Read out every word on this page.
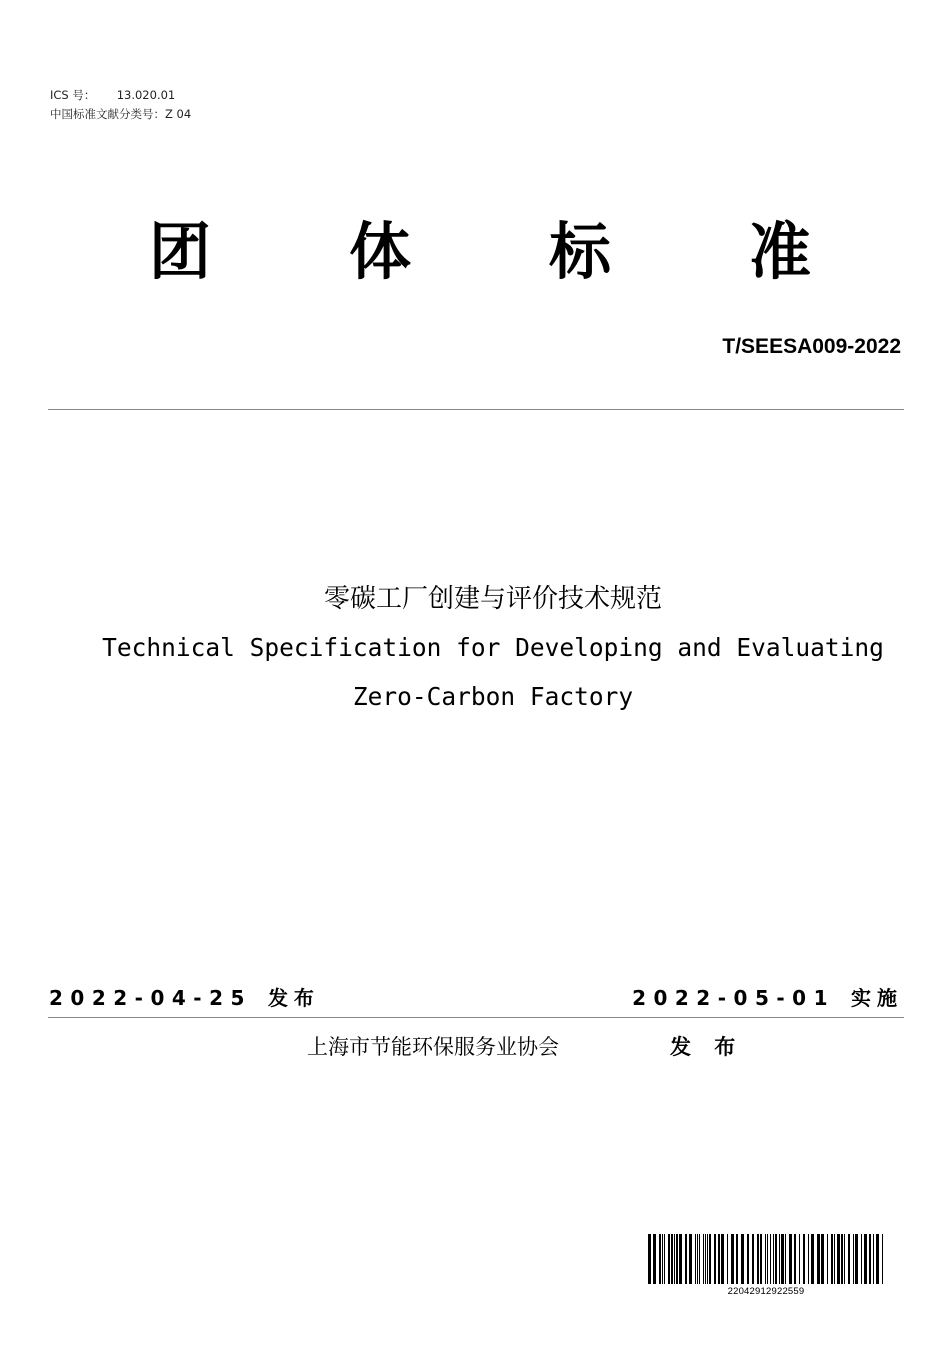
ICS 号： 13.020.01
中国标准文献分类号：Z 04
团 体 标 准
T/SEESA009-2022
零碳工厂创建与评价技术规范
Technical Specification for Developing and Evaluating
Zero-Carbon Factory
2022-04-25 发布	2022-05-01 实施
上海市节能环保服务业协会	发 布
22042912922559
